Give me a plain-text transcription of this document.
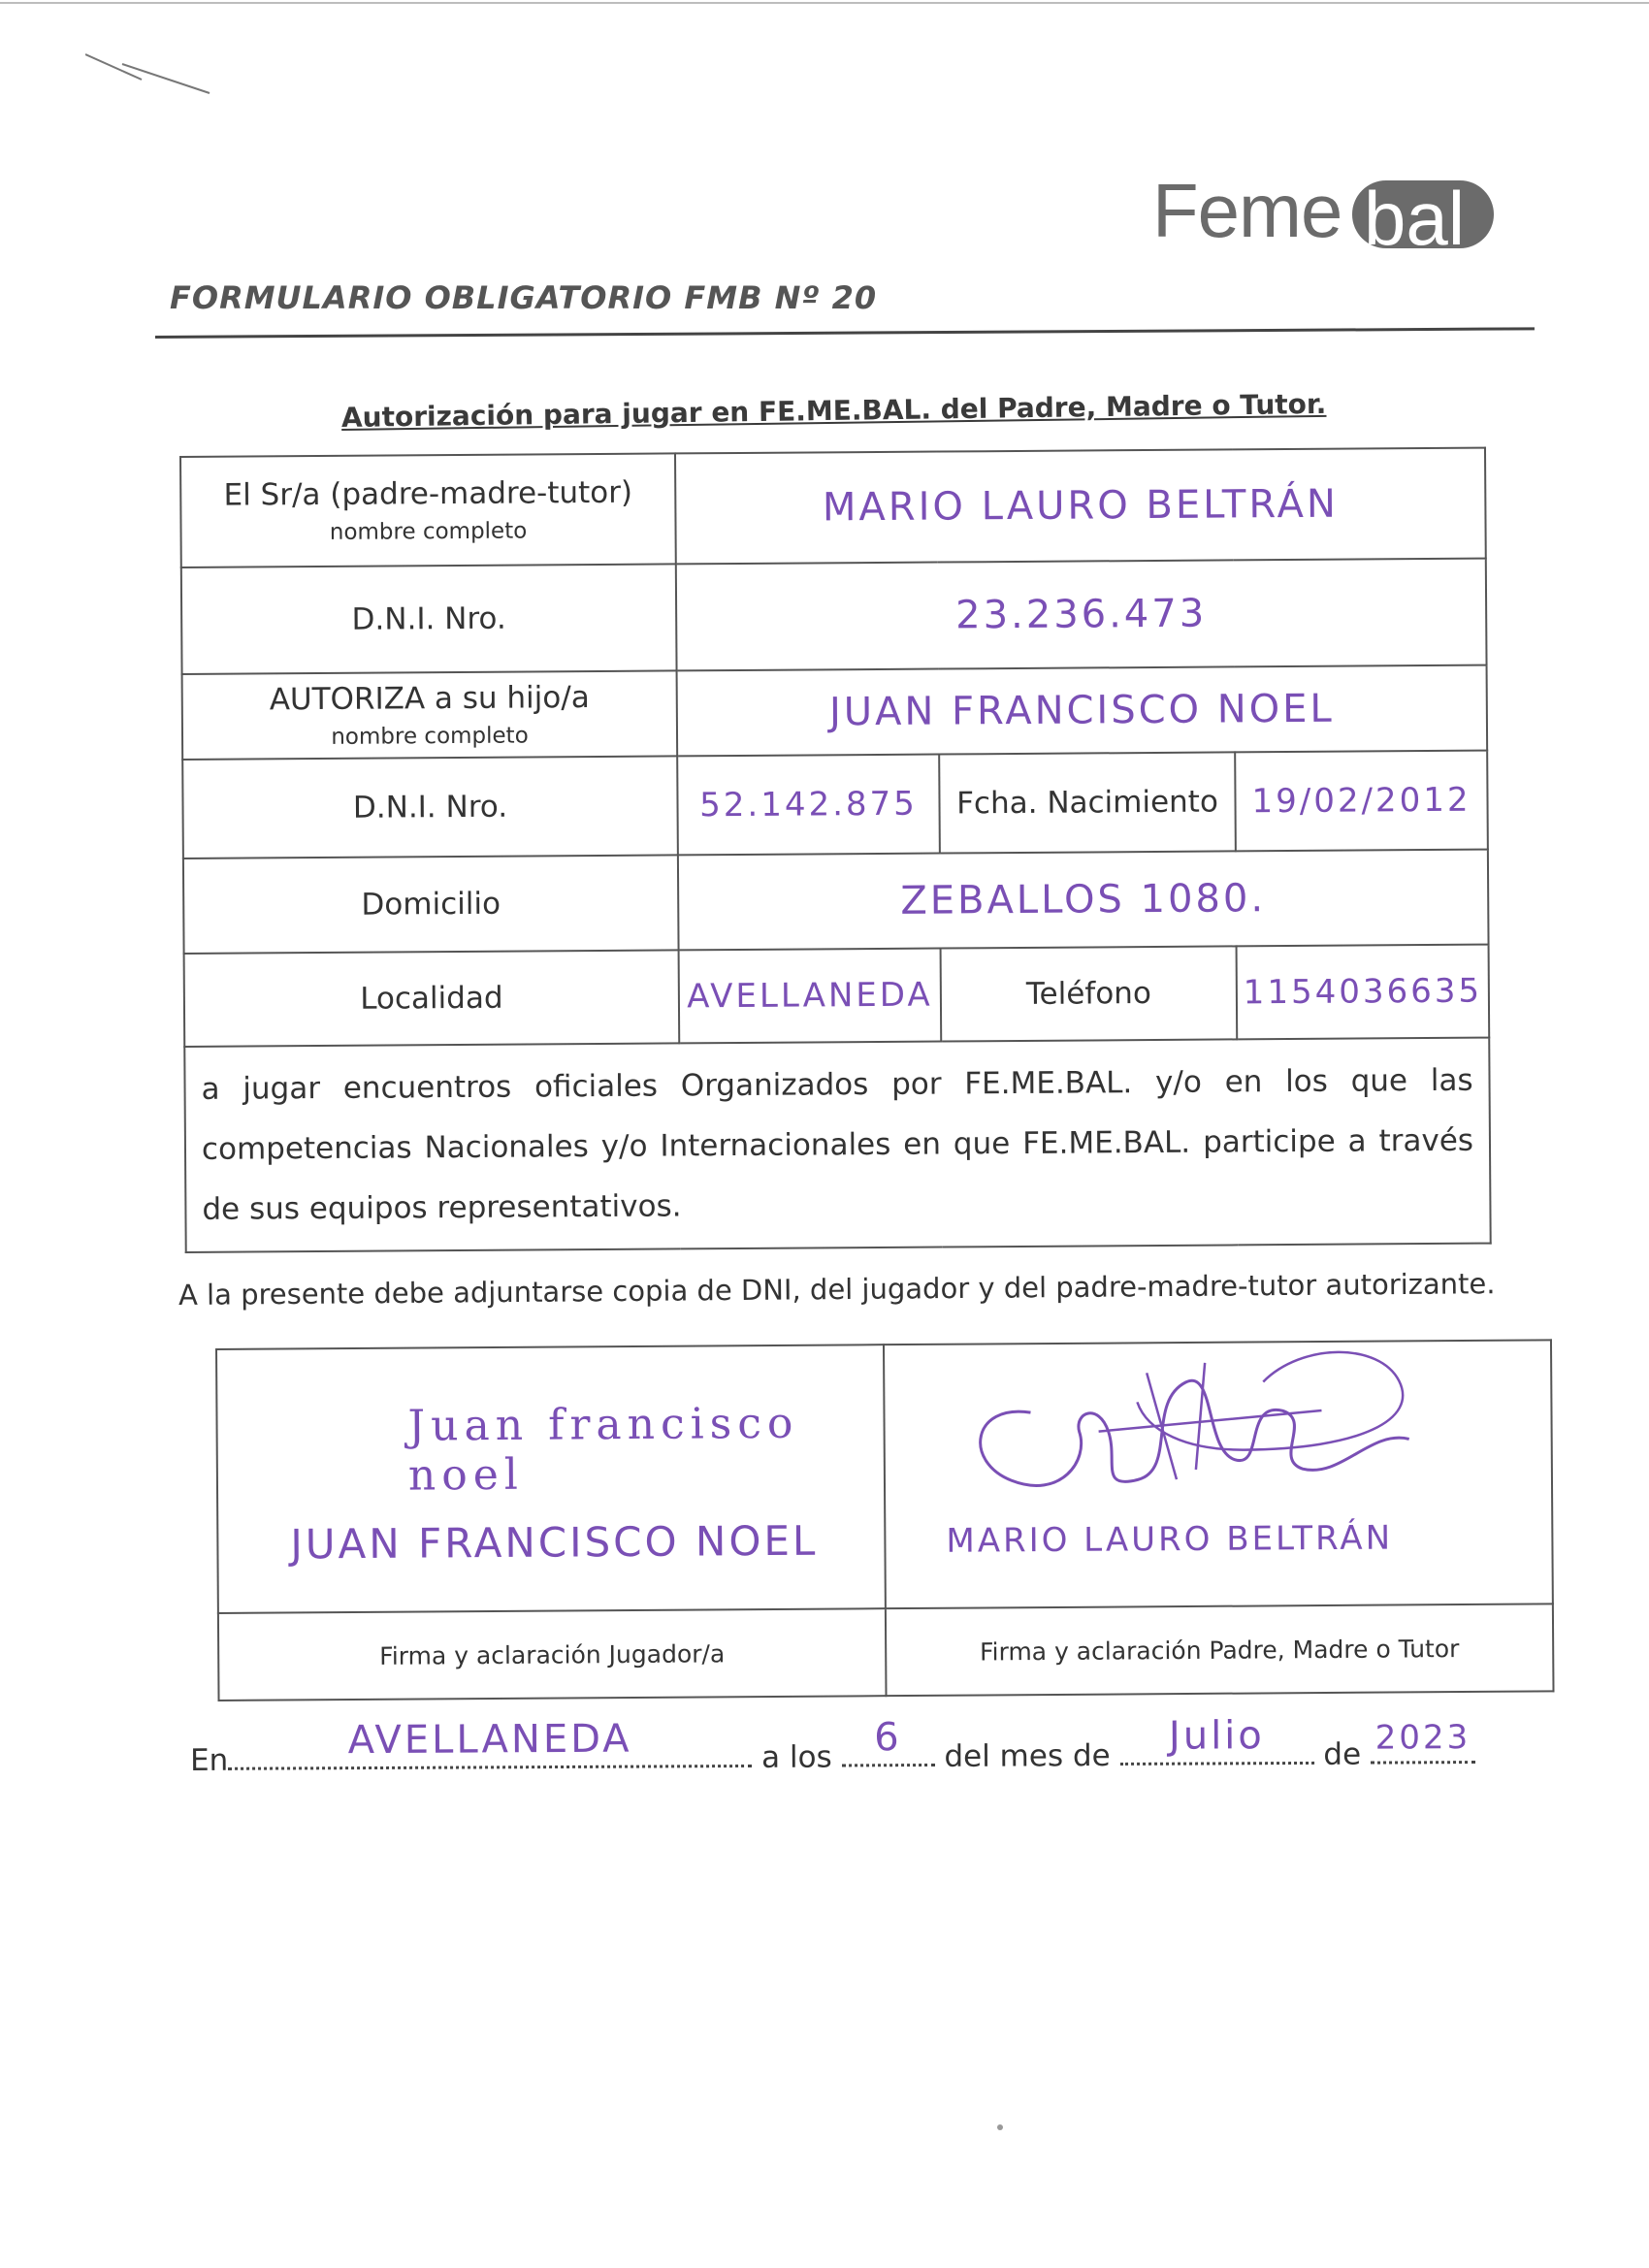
Feme bal
FORMULARIO OBLIGATORIO FMB Nº 20
Autorización para jugar en FE.ME.BAL. del Padre, Madre o Tutor.
El Sr/a (padre-madre-tutor)
nombre completo	MARIO LAURO BELTRÁN		
D.N.I. Nro.	23.236.473		
AUTORIZA a su hijo/a
nombre completo	JUAN FRANCISCO NOEL		
D.N.I. Nro.	52.142.875	Fcha. Nacimiento	19/02/2012
Domicilio	ZEBALLOS 1080.		
Localidad	AVELLANEDA	Teléfono	1154036635
a jugar encuentros oficiales Organizados por FE.ME.BAL. y/o en los que las competencias Nacionales y/o Internacionales en que FE.ME.BAL. participe a través de sus equipos representativos.			
A la presente debe adjuntarse copia de DNI, del jugador y del padre-madre-tutor autorizante.
Juan francisco noel
JUAN FRANCISCO NOEL	MARIO LAURO BELTRÁN

Firma y aclaración Jugador/a	Firma y aclaración Padre, Madre o Tutor
En	AVELLANEDA	a los	6	del mes de	Julio	de 2023
